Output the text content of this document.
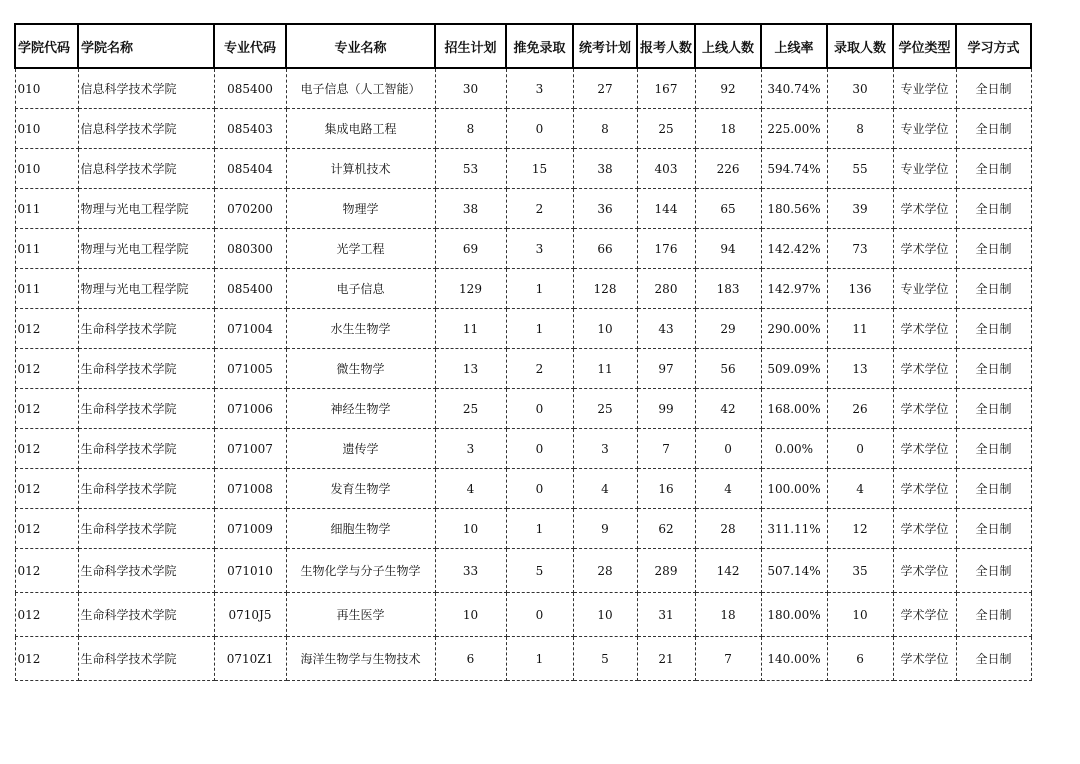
学院代码	学院名称	专业代码	专业名称	招生计划	推免录取	统考计划	报考人数	上线人数	上线率	录取人数	学位类型	学习方式
010	信息科学技术学院	085400	电子信息（人工智能）	30	3	27	167	92	340.74%	30	专业学位	全日制
010	信息科学技术学院	085403	集成电路工程	8	0	8	25	18	225.00%	8	专业学位	全日制
010	信息科学技术学院	085404	计算机技术	53	15	38	403	226	594.74%	55	专业学位	全日制
011	物理与光电工程学院	070200	物理学	38	2	36	144	65	180.56%	39	学术学位	全日制
011	物理与光电工程学院	080300	光学工程	69	3	66	176	94	142.42%	73	学术学位	全日制
011	物理与光电工程学院	085400	电子信息	129	1	128	280	183	142.97%	136	专业学位	全日制
012	生命科学技术学院	071004	水生生物学	11	1	10	43	29	290.00%	11	学术学位	全日制
012	生命科学技术学院	071005	微生物学	13	2	11	97	56	509.09%	13	学术学位	全日制
012	生命科学技术学院	071006	神经生物学	25	0	25	99	42	168.00%	26	学术学位	全日制
012	生命科学技术学院	071007	遗传学	3	0	3	7	0	0.00%	0	学术学位	全日制
012	生命科学技术学院	071008	发育生物学	4	0	4	16	4	100.00%	4	学术学位	全日制
012	生命科学技术学院	071009	细胞生物学	10	1	9	62	28	311.11%	12	学术学位	全日制
012	生命科学技术学院	071010	生物化学与分子生物学	33	5	28	289	142	507.14%	35	学术学位	全日制
012	生命科学技术学院	0710J5	再生医学	10	0	10	31	18	180.00%	10	学术学位	全日制
012	生命科学技术学院	0710Z1	海洋生物学与生物技术	6	1	5	21	7	140.00%	6	学术学位	全日制
